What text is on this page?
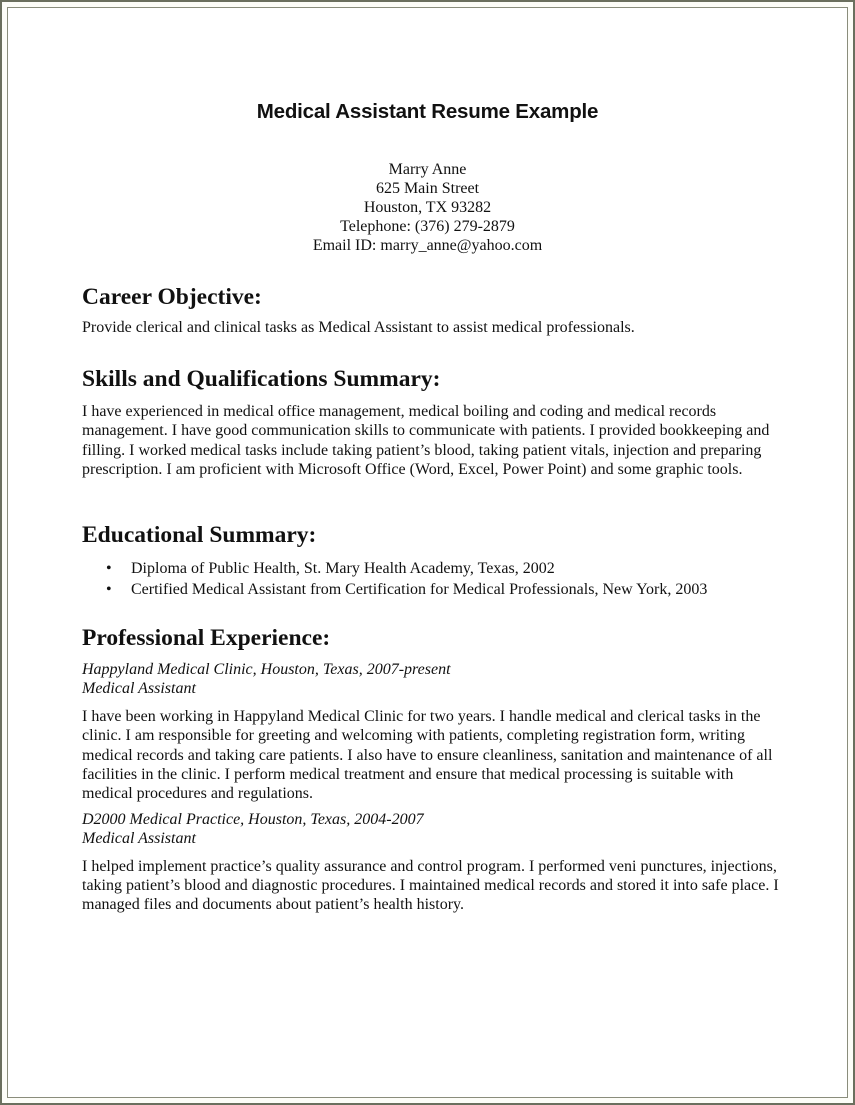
Medical Assistant Resume Example
Marry Anne
625 Main Street
Houston, TX 93282
Telephone: (376) 279-2879
Email ID: marry_anne@yahoo.com
Career Objective:

Provide clerical and clinical tasks as Medical Assistant to assist medical professionals.

Skills and Qualifications Summary:

I have experienced in medical office management, medical boiling and coding and medical records management. I have good communication skills to communicate with patients. I provided bookkeeping and filling. I worked medical tasks include taking patient’s blood, taking patient vitals, injection and preparing prescription. I am proficient with Microsoft Office (Word, Excel, Power Point) and some graphic tools.

Educational Summary:
• Diploma of Public Health, St. Mary Health Academy, Texas, 2002
• Certified Medical Assistant from Certification for Medical Professionals, New York, 2003
Professional Experience:
Happyland Medical Clinic, Houston, Texas, 2007-present
Medical Assistant

I have been working in Happyland Medical Clinic for two years. I handle medical and clerical tasks in the clinic. I am responsible for greeting and welcoming with patients, completing registration form, writing medical records and taking care patients. I also have to ensure cleanliness, sanitation and maintenance of all facilities in the clinic. I perform medical treatment and ensure that medical processing is suitable with medical procedures and regulations.

D2000 Medical Practice, Houston, Texas, 2004-2007
Medical Assistant

I helped implement practice’s quality assurance and control program. I performed veni punctures, injections, taking patient’s blood and diagnostic procedures. I maintained medical records and stored it into safe place. I managed files and documents about patient’s health history.
